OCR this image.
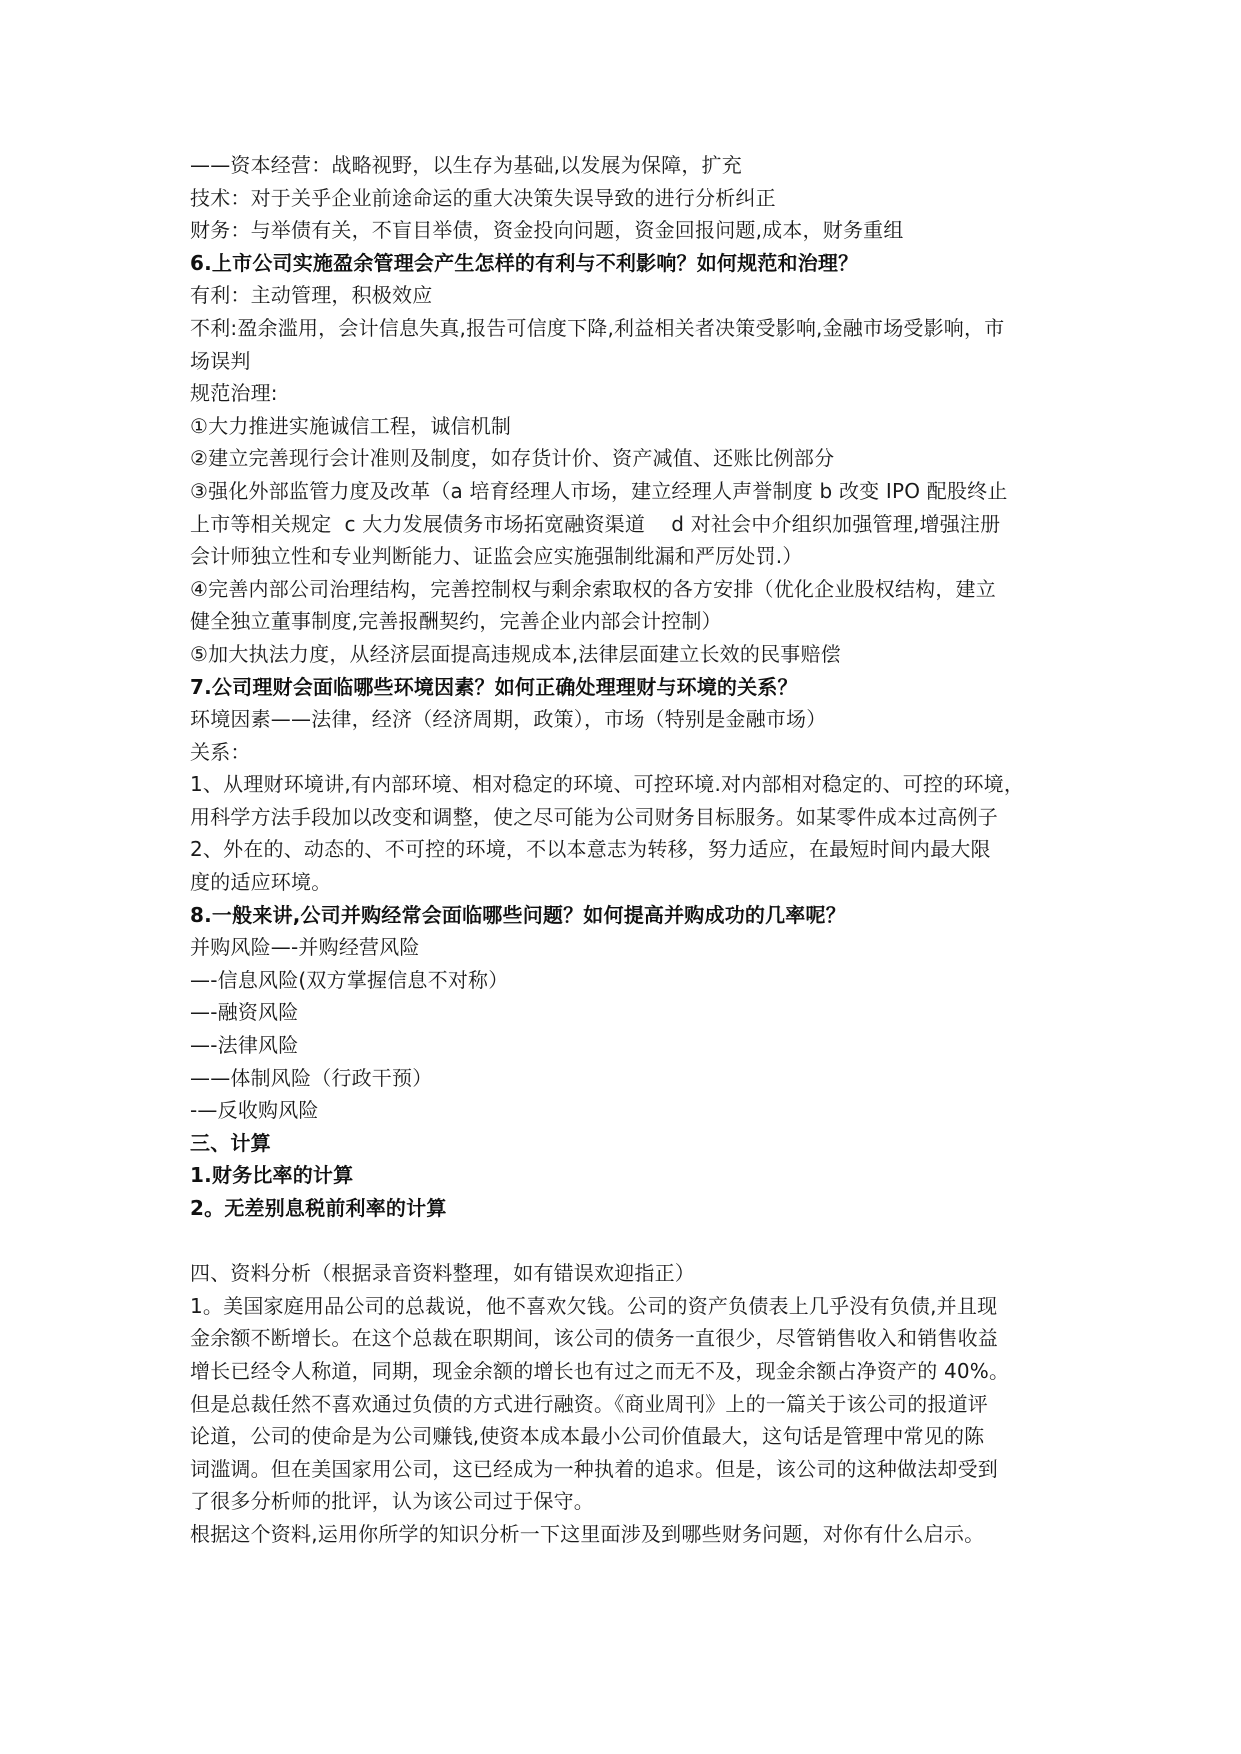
——资本经营：战略视野，以生存为基础,以发展为保障，扩充
技术：对于关乎企业前途命运的重大决策失误导致的进行分析纠正
财务：与举债有关，不盲目举债，资金投向问题，资金回报问题,成本，财务重组
6.上市公司实施盈余管理会产生怎样的有利与不利影响？如何规范和治理？
有利：主动管理，积极效应
不利:盈余滥用，会计信息失真,报告可信度下降,利益相关者决策受影响,金融市场受影响，市
场误判
规范治理:
①大力推进实施诚信工程，诚信机制
②建立完善现行会计准则及制度，如存货计价、资产减值、还账比例部分
③强化外部监管力度及改革（a 培育经理人市场，建立经理人声誉制度 b 改变 IPO 配股终止
上市等相关规定  c 大力发展债务市场拓宽融资渠道    d 对社会中介组织加强管理,增强注册
会计师独立性和专业判断能力、证监会应实施强制纰漏和严厉处罚.）
④完善内部公司治理结构，完善控制权与剩余索取权的各方安排（优化企业股权结构，建立
健全独立董事制度,完善报酬契约，完善企业内部会计控制）
⑤加大执法力度，从经济层面提高违规成本,法律层面建立长效的民事赔偿
7.公司理财会面临哪些环境因素？如何正确处理理财与环境的关系？
环境因素——法律，经济（经济周期，政策），市场（特别是金融市场）
关系：
1、从理财环境讲,有内部环境、相对稳定的环境、可控环境.对内部相对稳定的、可控的环境，
用科学方法手段加以改变和调整，使之尽可能为公司财务目标服务。如某零件成本过高例子
2、外在的、动态的、不可控的环境，不以本意志为转移，努力适应，在最短时间内最大限
度的适应环境。
8.一般来讲,公司并购经常会面临哪些问题？如何提高并购成功的几率呢？
并购风险—-并购经营风险
—-信息风险(双方掌握信息不对称）
—-融资风险
—-法律风险
——体制风险（行政干预）
-—反收购风险
三、计算
1.财务比率的计算
2。无差别息税前利率的计算
四、资料分析（根据录音资料整理，如有错误欢迎指正）
1。美国家庭用品公司的总裁说，他不喜欢欠钱。公司的资产负债表上几乎没有负债,并且现
金余额不断增长。在这个总裁在职期间，该公司的债务一直很少，尽管销售收入和销售收益
增长已经令人称道，同期，现金余额的增长也有过之而无不及，现金余额占净资产的 40%。
但是总裁任然不喜欢通过负债的方式进行融资。《商业周刊》上的一篇关于该公司的报道评
论道，公司的使命是为公司赚钱,使资本成本最小公司价值最大，这句话是管理中常见的陈
词滥调。但在美国家用公司，这已经成为一种执着的追求。但是，该公司的这种做法却受到
了很多分析师的批评，认为该公司过于保守。
根据这个资料,运用你所学的知识分析一下这里面涉及到哪些财务问题，对你有什么启示。
